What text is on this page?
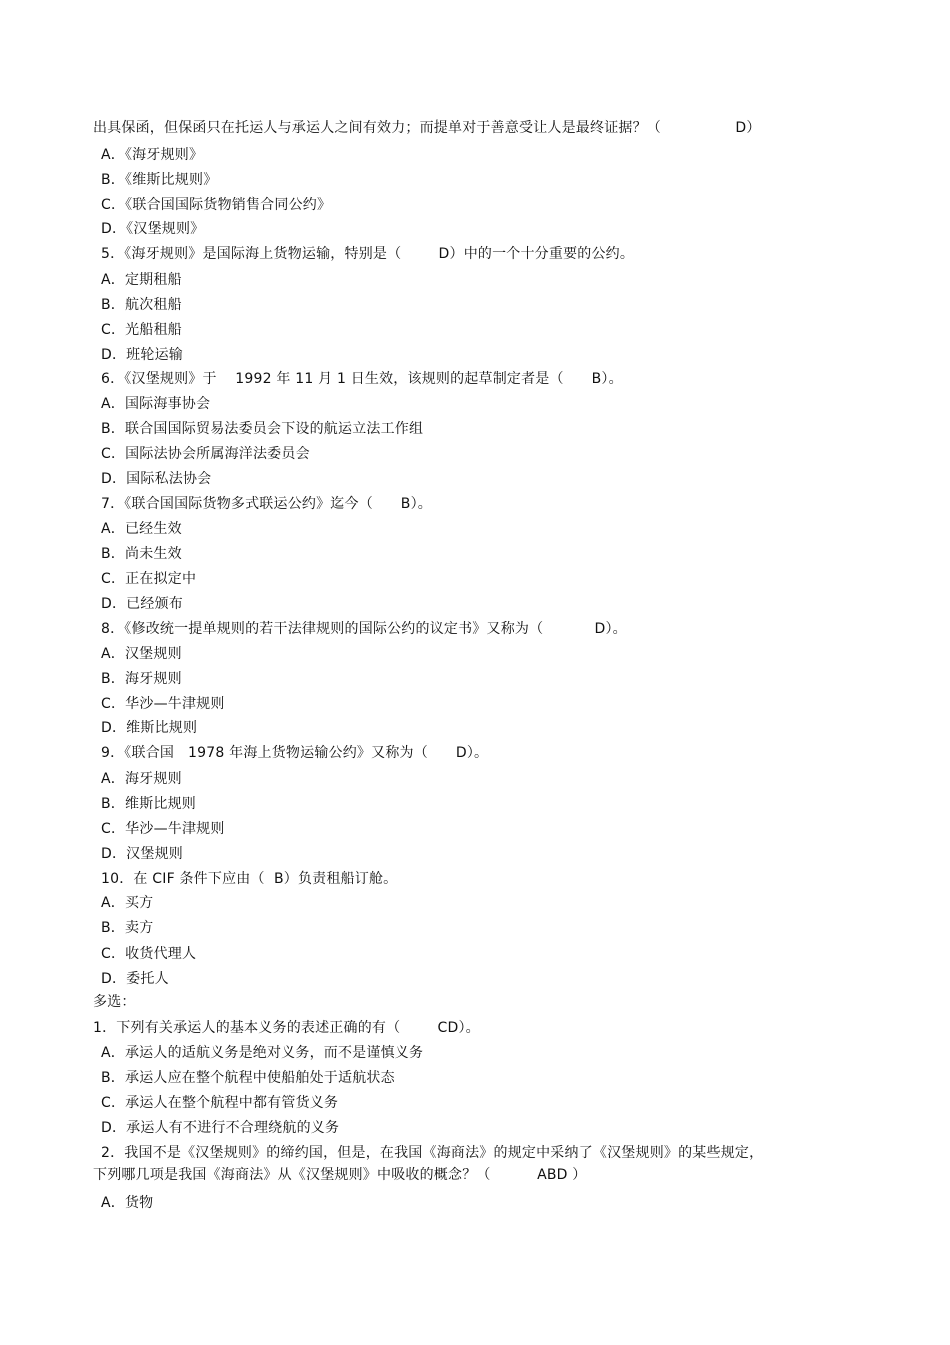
出具保函，但保函只在托运人与承运人之间有效力；而提单对于善意受让人是最终证据？（                D）
A．《海牙规则》
B．《维斯比规则》
C．《联合国国际货物销售合同公约》
D．《汉堡规则》
5．《海牙规则》是国际海上货物运输，特别是（        D）中的一个十分重要的公约。
A．定期租船
B．航次租船
C．光船租船
D．班轮运输
6．《汉堡规则》于    1992 年 11 月 1 日生效，该规则的起草制定者是（      B）。
A．国际海事协会
B．联合国国际贸易法委员会下设的航运立法工作组
C．国际法协会所属海洋法委员会
D．国际私法协会
7．《联合国国际货物多式联运公约》迄今（      B）。
A．已经生效
B．尚未生效
C．正在拟定中
D．已经颁布
8．《修改统一提单规则的若干法律规则的国际公约的议定书》又称为（           D）。
A．汉堡规则
B．海牙规则
C．华沙—牛津规则
D．维斯比规则
9．《联合国   1978 年海上货物运输公约》又称为（      D）。
A．海牙规则
B．维斯比规则
C．华沙—牛津规则
D．汉堡规则
10．在 CIF 条件下应由（  B）负责租船订舱。
A．买方
B．卖方
C．收货代理人
D．委托人
多选：
1．下列有关承运人的基本义务的表述正确的有（        CD）。
A．承运人的适航义务是绝对义务，而不是谨慎义务
B．承运人应在整个航程中使船舶处于适航状态
C．承运人在整个航程中都有管货义务
D．承运人有不进行不合理绕航的义务
2．我国不是《汉堡规则》的缔约国，但是，在我国《海商法》的规定中采纳了《汉堡规则》的某些规定，
下列哪几项是我国《海商法》从《汉堡规则》中吸收的概念？（          ABD ）
A．货物
